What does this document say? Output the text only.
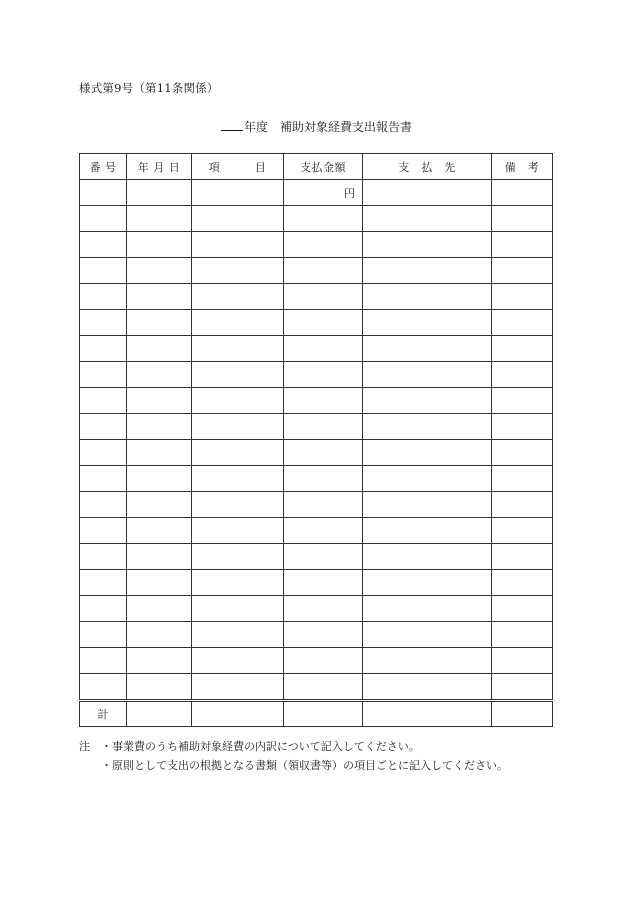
様式第9号（第11条関係）
年度 補助対象経費支出報告書
番 号	年 月 日	項　　　目	支払金額	支　払　先	備　考
			円		

計					
注	・事業費のうち補助対象経費の内訳について記入してください。
・原則として支出の根拠となる書類（領収書等）の項目ごとに記入してください。
